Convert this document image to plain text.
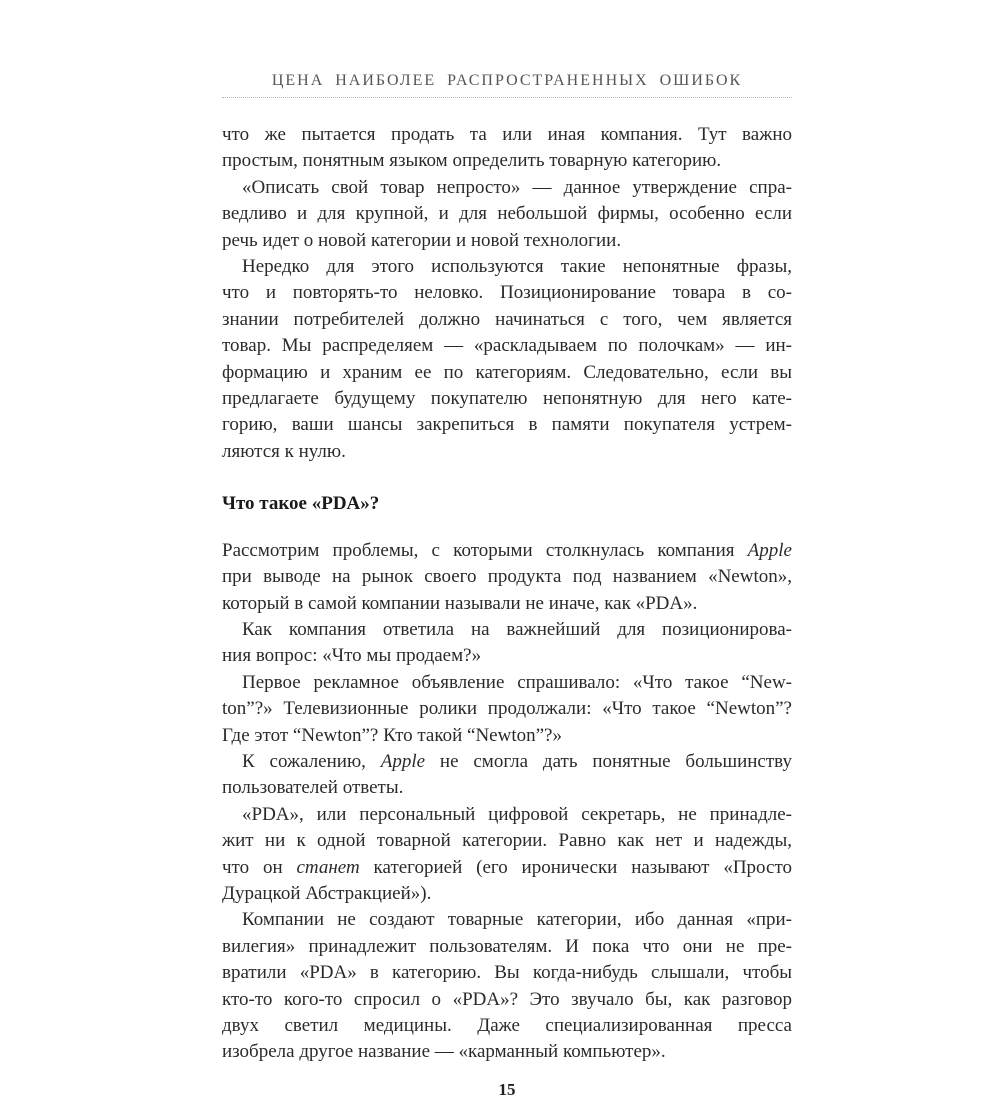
ЦЕНА НАИБОЛЕЕ РАСПРОСТРАНЕННЫХ ОШИБОК

что же пытается продать та или иная компания. Тут важно
простым, понятным языком определить товарную категорию.

«Описать свой товар непросто» — данное утверждение спра-
ведливо и для крупной, и для небольшой фирмы, особенно если
речь идет о новой категории и новой технологии.

Нередко для этого используются такие непонятные фразы,
что и повторять-то неловко. Позиционирование товара в со-
знании потребителей должно начинаться с того, чем является
товар. Мы распределяем — «раскладываем по полочкам» — ин-
формацию и храним ее по категориям. Следовательно, если вы
предлагаете будущему покупателю непонятную для него кате-
горию, ваши шансы закрепиться в памяти покупателя устрем-
ляются к нулю.

Что такое «PDA»?

Рассмотрим проблемы, с которыми столкнулась компания Apple
при выводе на рынок своего продукта под названием «Newton»,
который в самой компании называли не иначе, как «PDA».

Как компания ответила на важнейший для позиционирова-
ния вопрос: «Что мы продаем?»

Первое рекламное объявление спрашивало: «Что такое “New-
ton”?» Телевизионные ролики продолжали: «Что такое “Newton”?
Где этот “Newton”? Кто такой “Newton”?»

К сожалению, Apple не смогла дать понятные большинству
пользователей ответы.

«PDA», или персональный цифровой секретарь, не принадле-
жит ни к одной товарной категории. Равно как нет и надежды,
что он станет категорией (его иронически называют «Просто
Дурацкой Абстракцией»).

Компании не создают товарные категории, ибо данная «при-
вилегия» принадлежит пользователям. И пока что они не пре-
вратили «PDA» в категорию. Вы когда-нибудь слышали, чтобы
кто-то кого-то спросил о «PDA»? Это звучало бы, как разговор
двух светил медицины. Даже специализированная пресса
изобрела другое название — «карманный компьютер».

15
